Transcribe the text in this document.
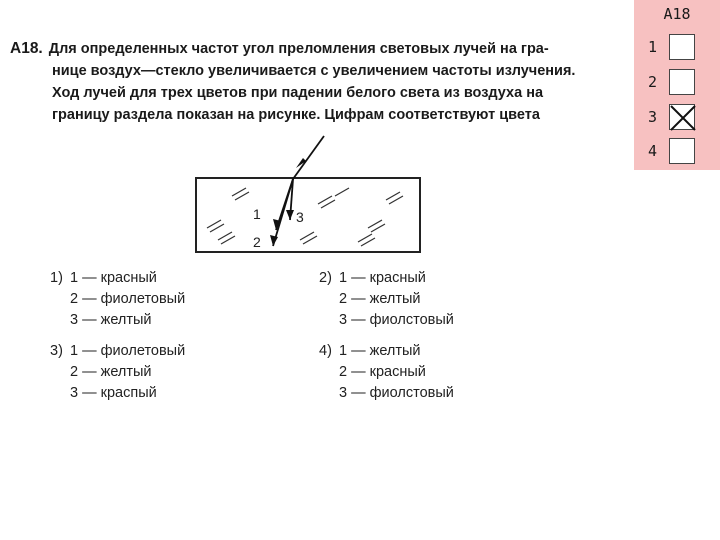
A18
1
2
3
4
А18. Для определенных частот угол преломления световых лучей на гра-
нице воздух—стекло увеличивается с увеличением частоты излучения.
Ход лучей для трех цветов при падении белого света из воздуха на
границу раздела показан на рисунке. Цифрам соответствуют цвета
1	3
2
1) 1 — красный
2 — фиолетовый
3 — желтый
2) 1 — красный
2 — желтый
3 — фиолстовый
3) 1 — фиолетовый
2 — желтый
3 — краспый
4) 1 — желтый
2 — красный
3 — фиолстовый
